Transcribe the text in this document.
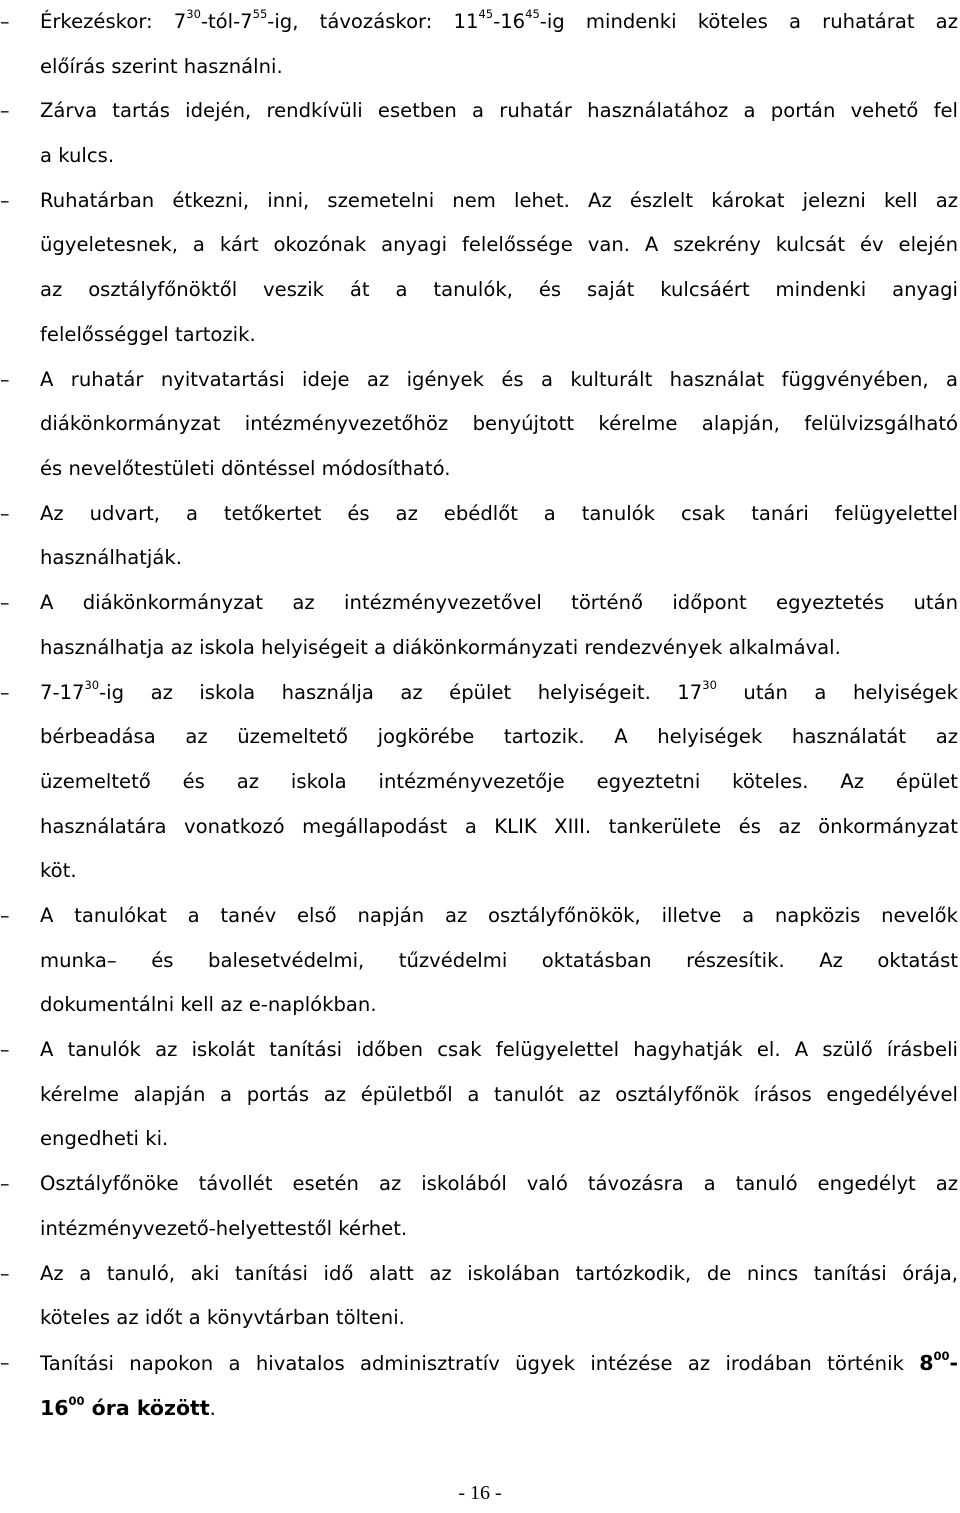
– Érkezéskor: $7^{30}-tól-7^{55}-ig$, távozáskor: $11^{45}-16^{45}-ig$ mindenki köteles a ruhatárat az
előírás szerint használni.
– Zárva tartás idején, rendkívüli esetben a ruhatár használatához a portán vehető fel
a kulcs.
– Ruhatárban étkezni, inni, szemetelni nem lehet. Az észlelt károkat jelezni kell az
ügyeletesnek, a kárt okozónak anyagi felelőssége van. A szekrény kulcsát év elején
az osztályfőnöktől veszik át a tanulók, és saját kulcsáért mindenki anyagi
felelősséggel tartozik.
– A ruhatár nyitvatartási ideje az igények és a kulturált használat függvényében, a
diákönkormányzat intézményvezetőhöz benyújtott kérelme alapján, felülvizsgálható
és nevelőtestületi döntéssel módosítható.
– Az udvart, a tetőkertet és az ebédlőt a tanulók csak tanári felügyelettel
használhatják.
– A diákönkormányzat az intézményvezetővel történő időpont egyeztetés után
használhatja az iskola helyiségeit a diákönkormányzati rendezvények alkalmával.
– $7-17^{30}-ig$ az iskola használja az épület helyiségeit. $17^{30}$ után a helyiségek
bérbeadása az üzemeltető jogkörébe tartozik. A helyiségek használatát az
üzemeltető és az iskola intézményvezetője egyeztetni köteles. Az épület
használatára vonatkozó megállapodást a KLIK XIII. tankerülete és az önkormányzat
köt.
– A tanulókat a tanév első napján az osztályfőnökök, illetve a napközis nevelők
munka– és balesetvédelmi, tűzvédelmi oktatásban részesítik. Az oktatást
dokumentálni kell az e-naplókban.
– A tanulók az iskolát tanítási időben csak felügyelettel hagyhatják el. A szülő írásbeli
kérelme alapján a portás az épületből a tanulót az osztályfőnök írásos engedélyével
engedheti ki.
– Osztályfőnöke távollét esetén az iskolából való távozásra a tanuló engedélyt az
intézményvezető-helyettestől kérhet.
– Az a tanuló, aki tanítási idő alatt az iskolában tartózkodik, de nincs tanítási órája,
köteles az időt a könyvtárban tölteni.
– Tanítási napokon a hivatalos adminisztratív ügyek intézése az irodában történik $8^{00}-$
$16^{00}$ óra között.
- 16 -
